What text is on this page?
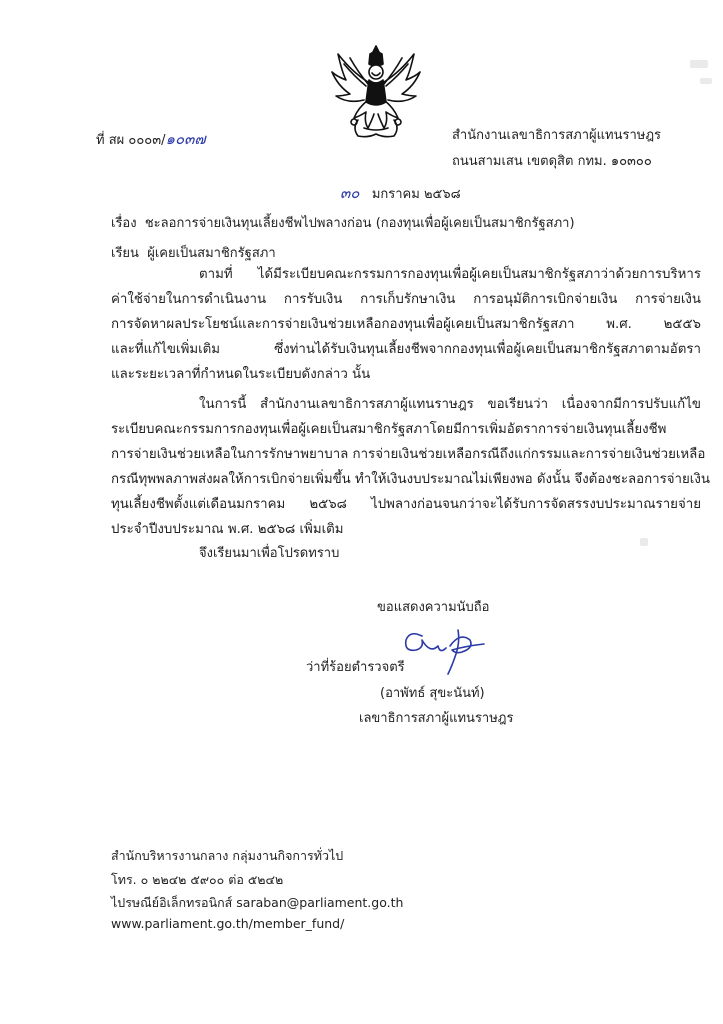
ที่ สผ ๐๐๐๓/๑๐๓๗	สำนักงานเลขาธิการสภาผู้แทนราษฎร
ถนนสามเสน เขตดุสิต กทม. ๑๐๓๐๐
๓๐ มกราคม ๒๕๖๘
เรื่อง ชะลอการจ่ายเงินทุนเลี้ยงชีพไปพลางก่อน (กองทุนเพื่อผู้เคยเป็นสมาชิกรัฐสภา)
เรียน ผู้เคยเป็นสมาชิกรัฐสภา
ตามที่ ได้มีระเบียบคณะกรรมการกองทุนเพื่อผู้เคยเป็นสมาชิกรัฐสภาว่าด้วยการบริหาร
ค่าใช้จ่ายในการดำเนินงาน การรับเงิน การเก็บรักษาเงิน การอนุมัติการเบิกจ่ายเงิน การจ่ายเงิน
การจัดหาผลประโยชน์และการจ่ายเงินช่วยเหลือกองทุนเพื่อผู้เคยเป็นสมาชิกรัฐสภา พ.ศ. ๒๕๕๖
และที่แก้ไขเพิ่มเติม ซึ่งท่านได้รับเงินทุนเลี้ยงชีพจากกองทุนเพื่อผู้เคยเป็นสมาชิกรัฐสภาตามอัตรา
และระยะเวลาที่กำหนดในระเบียบดังกล่าว นั้น
ในการนี้ สำนักงานเลขาธิการสภาผู้แทนราษฎร ขอเรียนว่า เนื่องจากมีการปรับแก้ไข
ระเบียบคณะกรรมการกองทุนเพื่อผู้เคยเป็นสมาชิกรัฐสภาโดยมีการเพิ่มอัตราการจ่ายเงินทุนเลี้ยงชีพ
การจ่ายเงินช่วยเหลือในการรักษาพยาบาล การจ่ายเงินช่วยเหลือกรณีถึงแก่กรรมและการจ่ายเงินช่วยเหลือ
กรณีทุพพลภาพส่งผลให้การเบิกจ่ายเพิ่มขึ้น ทำให้เงินงบประมาณไม่เพียงพอ ดังนั้น จึงต้องชะลอการจ่ายเงิน
ทุนเลี้ยงชีพตั้งแต่เดือนมกราคม ๒๕๖๘ ไปพลางก่อนจนกว่าจะได้รับการจัดสรรงบประมาณรายจ่าย
ประจำปีงบประมาณ พ.ศ. ๒๕๖๘ เพิ่มเติม
จึงเรียนมาเพื่อโปรดทราบ
ขอแสดงความนับถือ
ว่าที่ร้อยตำรวจตรี
(อาพัทธ์ สุขะนันท์)
เลขาธิการสภาผู้แทนราษฎร
สำนักบริหารงานกลาง กลุ่มงานกิจการทั่วไป
โทร. ๐ ๒๒๔๒ ๕๙๐๐ ต่อ ๕๒๔๒
ไปรษณีย์อิเล็กทรอนิกส์ saraban@parliament.go.th
www.parliament.go.th/member_fund/
